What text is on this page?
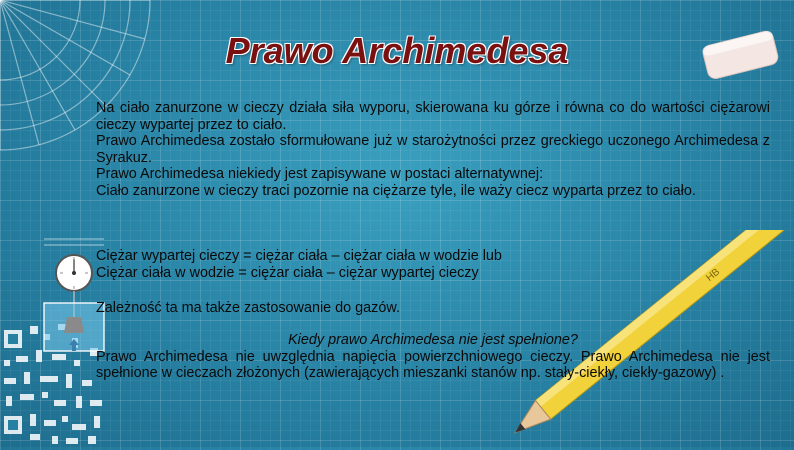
HB
Prawo Archimedesa

Na ciało zanurzone w cieczy działa siła wyporu, skierowana ku górze i równa co do wartości ciężarowi cieczy wypartej przez to ciało.

Prawo Archimedesa zostało sformułowane już w starożytności przez greckiego uczonego Archimedesa z Syrakuz.

Prawo Archimedesa niekiedy jest zapisywane w postaci alternatywnej:

Ciało zanurzone w cieczy traci pozornie na ciężarze tyle, ile waży ciecz wyparta przez to ciało.

Ciężar wypartej cieczy = ciężar ciała – ciężar ciała w wodzie lub

Ciężar ciała w wodzie = ciężar ciała – ciężar wypartej cieczy

Zależność ta ma także zastosowanie do gazów.

Kiedy prawo Archimedesa nie jest spełnione?

Prawo Archimedesa nie uwzględnia napięcia powierzchniowego cieczy. Prawo Archimedesa nie jest spełnione w cieczach złożonych (zawierających mieszanki stanów np. stały-ciekły, ciekły-gazowy) .
